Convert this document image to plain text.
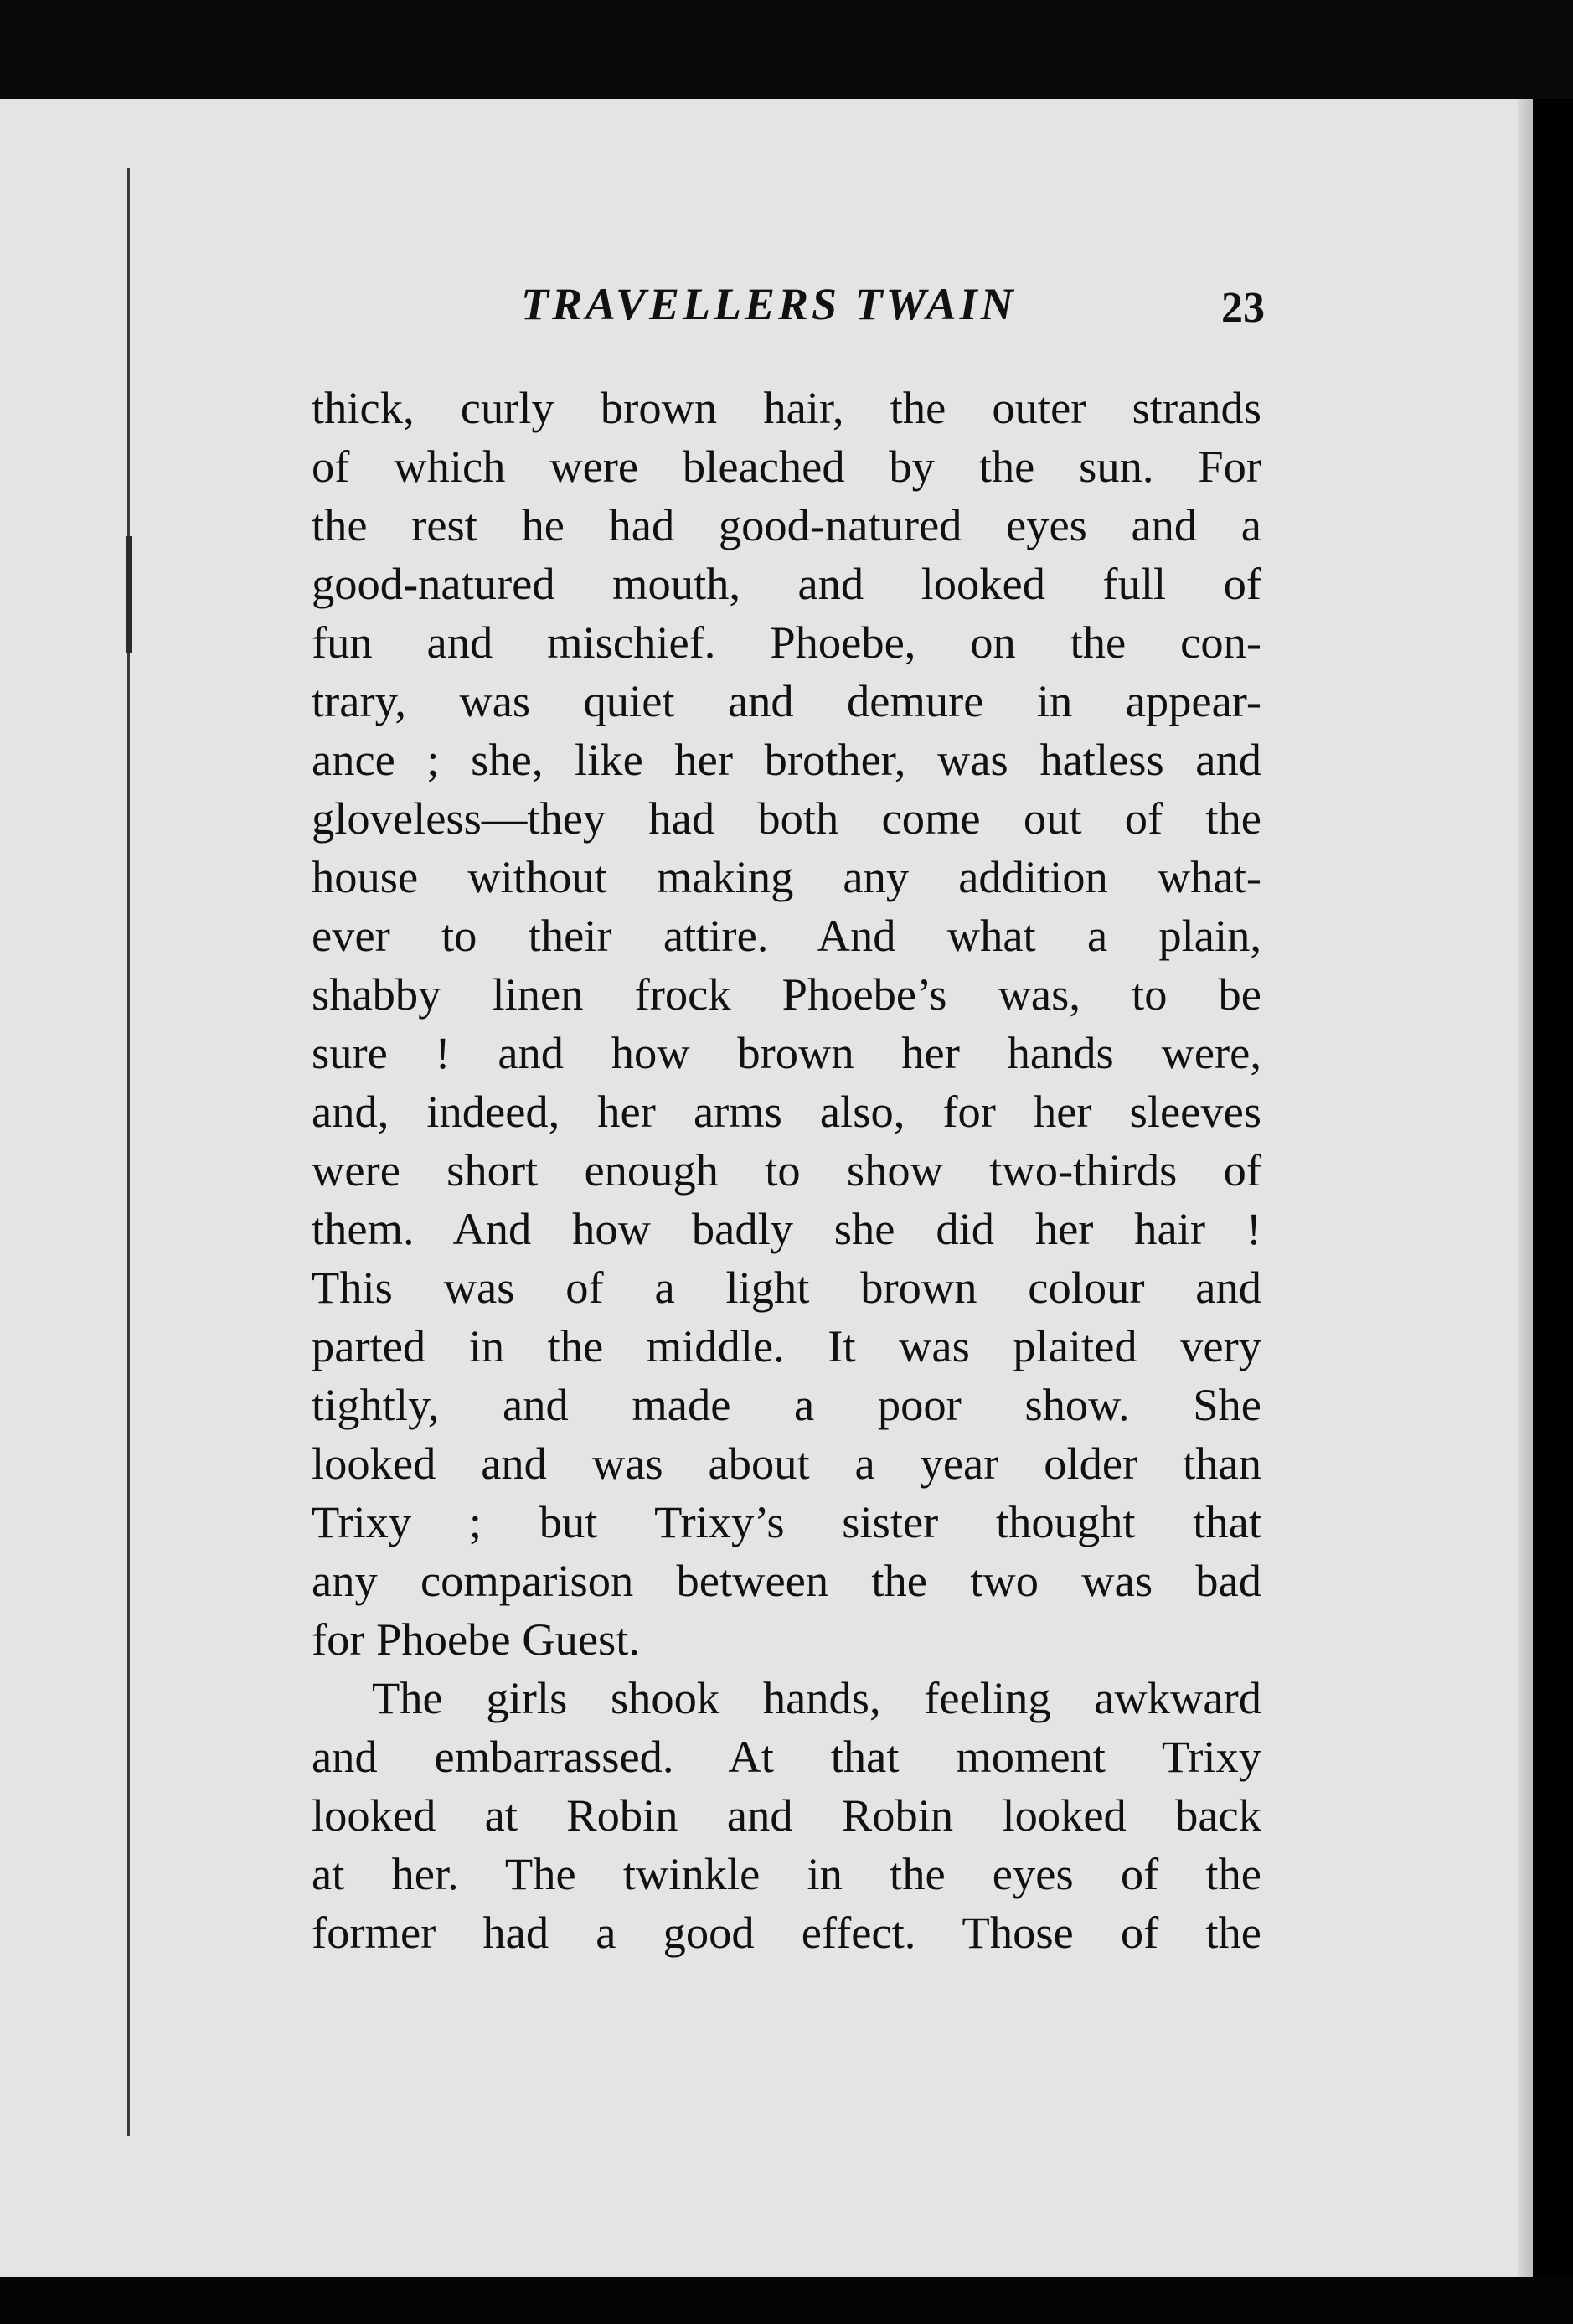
TRAVELLERS TWAIN	23
thick, curly brown hair, the outer strands
of which were bleached by the sun. For
the rest he had good-natured eyes and a
good-natured mouth, and looked full of
fun and mischief. Phoebe, on the con-
trary, was quiet and demure in appear-
ance ; she, like her brother, was hatless and
gloveless—they had both come out of the
house without making any addition what-
ever to their attire. And what a plain,
shabby linen frock Phoebe’s was, to be
sure ! and how brown her hands were,
and, indeed, her arms also, for her sleeves
were short enough to show two-thirds of
them. And how badly she did her hair !
This was of a light brown colour and
parted in the middle. It was plaited very
tightly, and made a poor show. She
looked and was about a year older than
Trixy ; but Trixy’s sister thought that
any comparison between the two was bad
for Phoebe Guest.
The girls shook hands, feeling awkward
and embarrassed. At that moment Trixy
looked at Robin and Robin looked back
at her. The twinkle in the eyes of the
former had a good effect. Those of the
